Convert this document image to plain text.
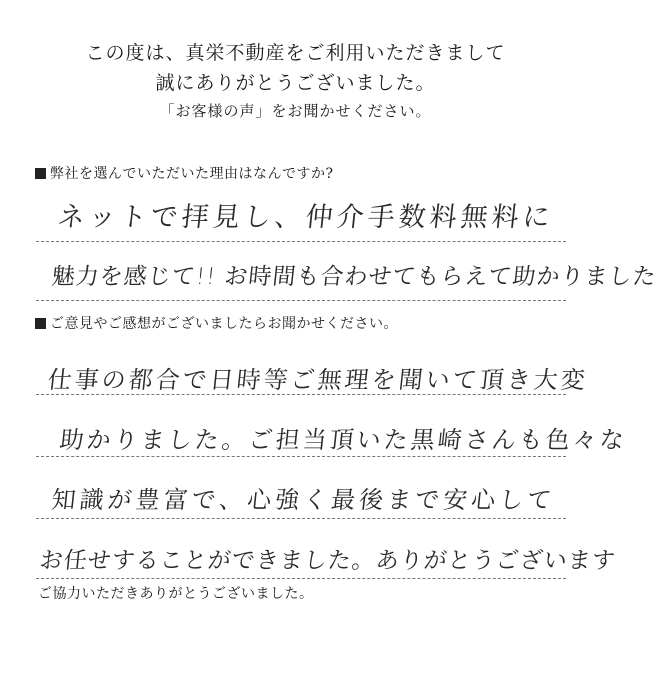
この度は、真栄不動産をご利用いただきまして
誠にありがとうございました。
「お客様の声」をお聞かせください。
弊社を選んでいただいた理由はなんですか?
ネットで拝見し、仲介手数料無料に
魅力を感じて!! お時間も合わせてもらえて助かりました
ご意見やご感想がございましたらお聞かせください。
仕事の都合で日時等ご無理を聞いて頂き大変
助かりました。ご担当頂いた黒崎さんも色々な
知識が豊富で、心強く最後まで安心して
お任せすることができました。ありがとうございます
ご協力いただきありがとうございました。
